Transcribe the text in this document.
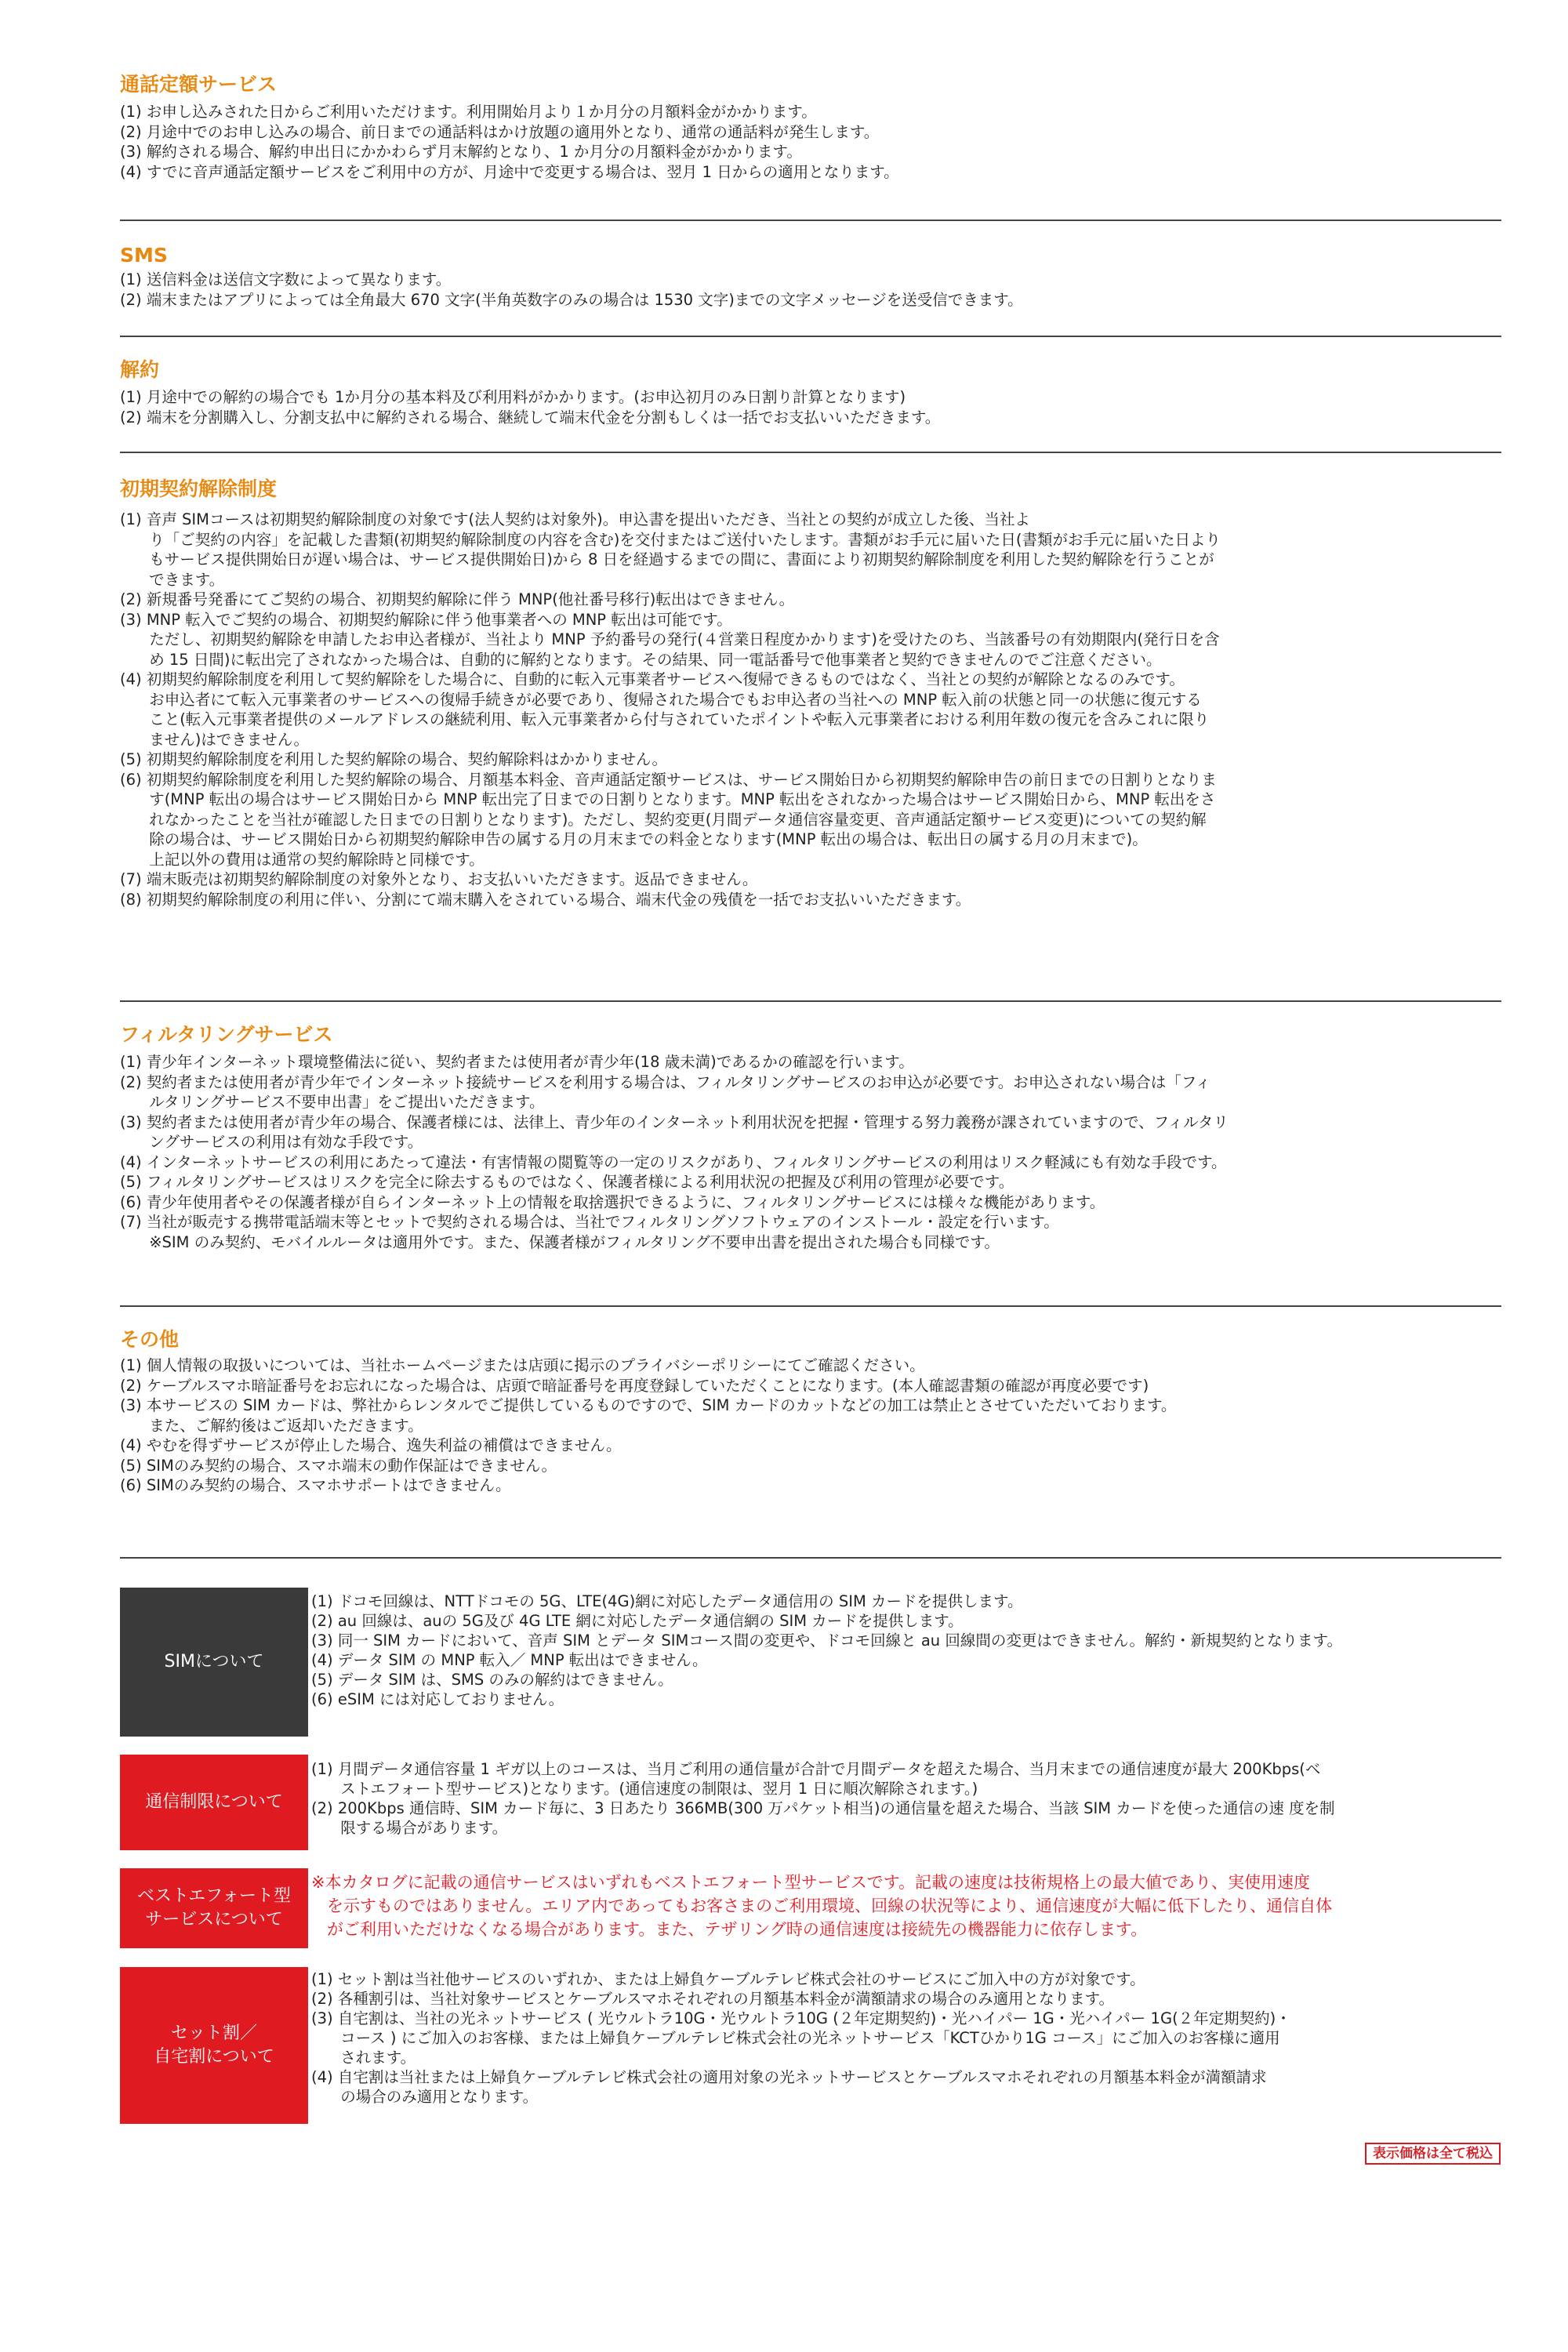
通話定額サービス
(1) お申し込みされた日からご利用いただけます。利用開始月より１か月分の月額料金がかかります。
(2) 月途中でのお申し込みの場合、前日までの通話料はかけ放題の適用外となり、通常の通話料が発生します。
(3) 解約される場合、解約申出日にかかわらず月末解約となり、1 か月分の月額料金がかかります。
(4) すでに音声通話定額サービスをご利用中の方が、月途中で変更する場合は、翌月 1 日からの適用となります。
SMS
(1) 送信料金は送信文字数によって異なります。
(2) 端末またはアプリによっては全角最大 670 文字(半角英数字のみの場合は 1530 文字)までの文字メッセージを送受信できます。
解約
(1) 月途中での解約の場合でも 1か月分の基本料及び利用料がかかります。(お申込初月のみ日割り計算となります)
(2) 端末を分割購入し、分割支払中に解約される場合、継続して端末代金を分割もしくは一括でお支払いいただきます。
初期契約解除制度
(1) 音声 SIMコースは初期契約解除制度の対象です(法人契約は対象外)。申込書を提出いただき、当社との契約が成立した後、当社よ
り「ご契約の内容」を記載した書類(初期契約解除制度の内容を含む)を交付またはご送付いたします。書類がお手元に届いた日(書類がお手元に届いた日より
もサービス提供開始日が遅い場合は、サービス提供開始日)から 8 日を経過するまでの間に、書面により初期契約解除制度を利用した契約解除を行うことが
できます。
(2) 新規番号発番にてご契約の場合、初期契約解除に伴う MNP(他社番号移行)転出はできません。
(3) MNP 転入でご契約の場合、初期契約解除に伴う他事業者への MNP 転出は可能です。
ただし、初期契約解除を申請したお申込者様が、当社より MNP 予約番号の発行(４営業日程度かかります)を受けたのち、当該番号の有効期限内(発行日を含
め 15 日間)に転出完了されなかった場合は、自動的に解約となります。その結果、同一電話番号で他事業者と契約できませんのでご注意ください。
(4) 初期契約解除制度を利用して契約解除をした場合に、自動的に転入元事業者サービスへ復帰できるものではなく、当社との契約が解除となるのみです。
お申込者にて転入元事業者のサービスへの復帰手続きが必要であり、復帰された場合でもお申込者の当社への MNP 転入前の状態と同一の状態に復元する
こと(転入元事業者提供のメールアドレスの継続利用、転入元事業者から付与されていたポイントや転入元事業者における利用年数の復元を含みこれに限り
ません)はできません。
(5) 初期契約解除制度を利用した契約解除の場合、契約解除料はかかりません。
(6) 初期契約解除制度を利用した契約解除の場合、月額基本料金、音声通話定額サービスは、サービス開始日から初期契約解除申告の前日までの日割りとなりま
す(MNP 転出の場合はサービス開始日から MNP 転出完了日までの日割りとなります。MNP 転出をされなかった場合はサービス開始日から、MNP 転出をさ
れなかったことを当社が確認した日までの日割りとなります)。ただし、契約変更(月間データ通信容量変更、音声通話定額サービス変更)についての契約解
除の場合は、サービス開始日から初期契約解除申告の属する月の月末までの料金となります(MNP 転出の場合は、転出日の属する月の月末まで)。
上記以外の費用は通常の契約解除時と同様です。
(7) 端末販売は初期契約解除制度の対象外となり、お支払いいただきます。返品できません。
(8) 初期契約解除制度の利用に伴い、分割にて端末購入をされている場合、端末代金の残債を一括でお支払いいただきます。
フィルタリングサービス
(1) 青少年インターネット環境整備法に従い、契約者または使用者が青少年(18 歳未満)であるかの確認を行います。
(2) 契約者または使用者が青少年でインターネット接続サービスを利用する場合は、フィルタリングサービスのお申込が必要です。お申込されない場合は「フィ
ルタリングサービス不要申出書」をご提出いただきます。
(3) 契約者または使用者が青少年の場合、保護者様には、法律上、青少年のインターネット利用状況を把握・管理する努力義務が課されていますので、フィルタリ
ングサービスの利用は有効な手段です。
(4) インターネットサービスの利用にあたって違法・有害情報の閲覧等の一定のリスクがあり、フィルタリングサービスの利用はリスク軽減にも有効な手段です。
(5) フィルタリングサービスはリスクを完全に除去するものではなく、保護者様による利用状況の把握及び利用の管理が必要です。
(6) 青少年使用者やその保護者様が自らインターネット上の情報を取捨選択できるように、フィルタリングサービスには様々な機能があります。
(7) 当社が販売する携帯電話端末等とセットで契約される場合は、当社でフィルタリングソフトウェアのインストール・設定を行います。
※SIM のみ契約、モバイルルータは適用外です。また、保護者様がフィルタリング不要申出書を提出された場合も同様です。
その他
(1) 個人情報の取扱いについては、当社ホームページまたは店頭に掲示のプライバシーポリシーにてご確認ください。
(2) ケーブルスマホ暗証番号をお忘れになった場合は、店頭で暗証番号を再度登録していただくことになります。(本人確認書類の確認が再度必要です)
(3) 本サービスの SIM カードは、弊社からレンタルでご提供しているものですので、SIM カードのカットなどの加工は禁止とさせていただいております。
また、ご解約後はご返却いただきます。
(4) やむを得ずサービスが停止した場合、逸失利益の補償はできません。
(5) SIMのみ契約の場合、スマホ端末の動作保証はできません。
(6) SIMのみ契約の場合、スマホサポートはできません。
SIMについて
(1) ドコモ回線は、NTTドコモの 5G、LTE(4G)網に対応したデータ通信用の SIM カードを提供します。
(2) au 回線は、auの 5G及び 4G LTE 網に対応したデータ通信網の SIM カードを提供します。
(3) 同一 SIM カードにおいて、音声 SIM とデータ SIMコース間の変更や、ドコモ回線と au 回線間の変更はできません。解約・新規契約となります。
(4) データ SIM の MNP 転入／ MNP 転出はできません。
(5) データ SIM は、SMS のみの解約はできません。
(6) eSIM には対応しておりません。
通信制限について
(1) 月間データ通信容量 1 ギガ以上のコースは、当月ご利用の通信量が合計で月間データを超えた場合、当月末までの通信速度が最大 200Kbps(ベ
ストエフォート型サービス)となります。(通信速度の制限は、翌月 1 日に順次解除されます。)
(2) 200Kbps 通信時、SIM カード毎に、3 日あたり 366MB(300 万パケット相当)の通信量を超えた場合、当該 SIM カードを使った通信の速 度を制
限する場合があります。
ベストエフォート型
サービスについて
※本カタログに記載の通信サービスはいずれもベストエフォート型サービスです。記載の速度は技術規格上の最大値であり、実使用速度
を示すものではありません。エリア内であってもお客さまのご利用環境、回線の状況等により、通信速度が大幅に低下したり、通信自体
がご利用いただけなくなる場合があります。また、テザリング時の通信速度は接続先の機器能力に依存します。
セット割／
自宅割について
(1) セット割は当社他サービスのいずれか、または上婦負ケーブルテレビ株式会社のサービスにご加入中の方が対象です。
(2) 各種割引は、当社対象サービスとケーブルスマホそれぞれの月額基本料金が満額請求の場合のみ適用となります。
(3) 自宅割は、当社の光ネットサービス ( 光ウルトラ10G・光ウルトラ10G (２年定期契約)・光ハイパー 1G・光ハイパー 1G(２年定期契約)・
コース ) にご加入のお客様、または上婦負ケーブルテレビ株式会社の光ネットサービス「KCTひかり1G コース」にご加入のお客様に適用
されます。
(4) 自宅割は当社または上婦負ケーブルテレビ株式会社の適用対象の光ネットサービスとケーブルスマホそれぞれの月額基本料金が満額請求
の場合のみ適用となります。
表示価格は全て税込
